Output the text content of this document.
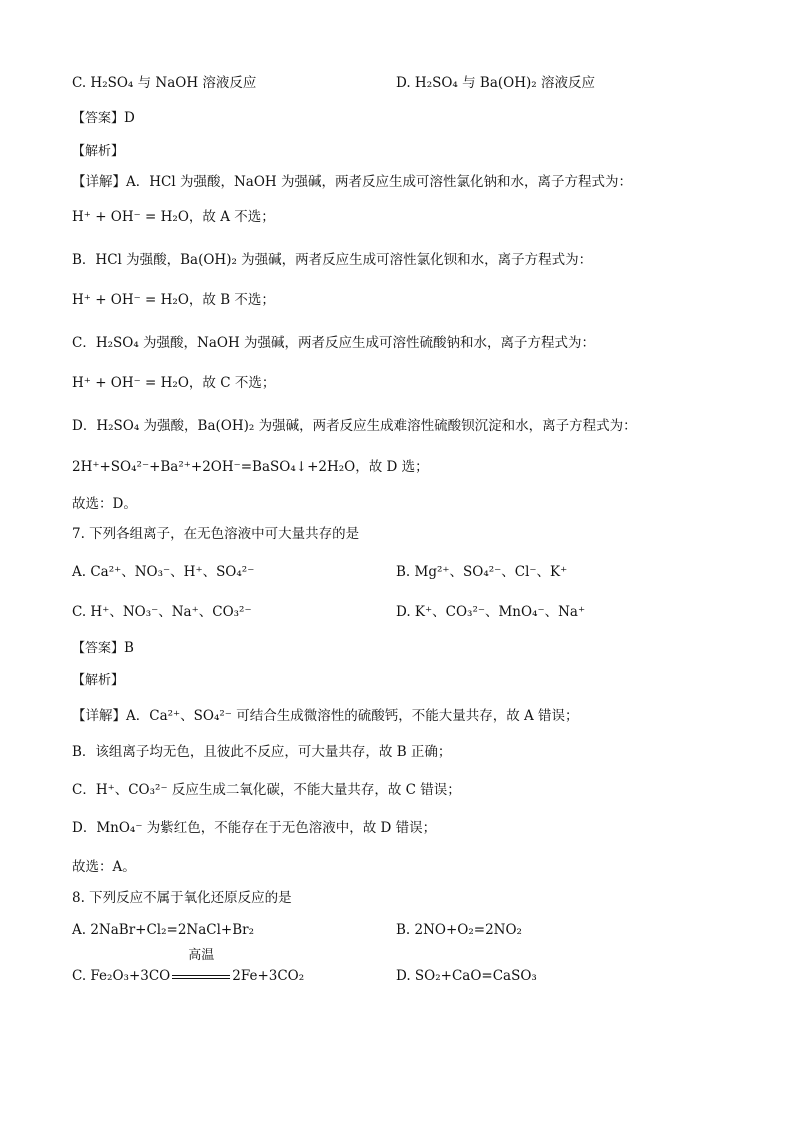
C. H₂SO₄ 与 NaOH 溶液反应	D. H₂SO₄ 与 Ba(OH)₂ 溶液反应
【答案】D
【解析】
【详解】A．HCl 为强酸，NaOH 为强碱，两者反应生成可溶性氯化钠和水，离子方程式为：
H⁺ + OH⁻ = H₂O，故 A 不选；
B．HCl 为强酸，Ba(OH)₂ 为强碱，两者反应生成可溶性氯化钡和水，离子方程式为：
H⁺ + OH⁻ = H₂O，故 B 不选；
C．H₂SO₄ 为强酸，NaOH 为强碱，两者反应生成可溶性硫酸钠和水，离子方程式为：
H⁺ + OH⁻ = H₂O，故 C 不选；
D．H₂SO₄ 为强酸，Ba(OH)₂ 为强碱，两者反应生成难溶性硫酸钡沉淀和水，离子方程式为：
2H⁺+SO₄²⁻+Ba²⁺+2OH⁻=BaSO₄↓+2H₂O，故 D 选；
故选：D。
7. 下列各组离子，在无色溶液中可大量共存的是
A. Ca²⁺、NO₃⁻、H⁺、SO₄²⁻	B. Mg²⁺、SO₄²⁻、Cl⁻、K⁺
C. H⁺、NO₃⁻、Na⁺、CO₃²⁻	D. K⁺、CO₃²⁻、MnO₄⁻、Na⁺
【答案】B
【解析】
【详解】A．Ca²⁺、SO₄²⁻ 可结合生成微溶性的硫酸钙，不能大量共存，故 A 错误；
B．该组离子均无色，且彼此不反应，可大量共存，故 B 正确；
C．H⁺、CO₃²⁻ 反应生成二氧化碳，不能大量共存，故 C 错误；
D．MnO₄⁻ 为紫红色，不能存在于无色溶液中，故 D 错误；
故选：A。
8. 下列反应不属于氧化还原反应的是
A. 2NaBr+Cl₂=2NaCl+Br₂	B. 2NO+O₂=2NO₂
C. Fe₂O₃+3CO
高温
2Fe+3CO₂	D. SO₂+CaO=CaSO₃
